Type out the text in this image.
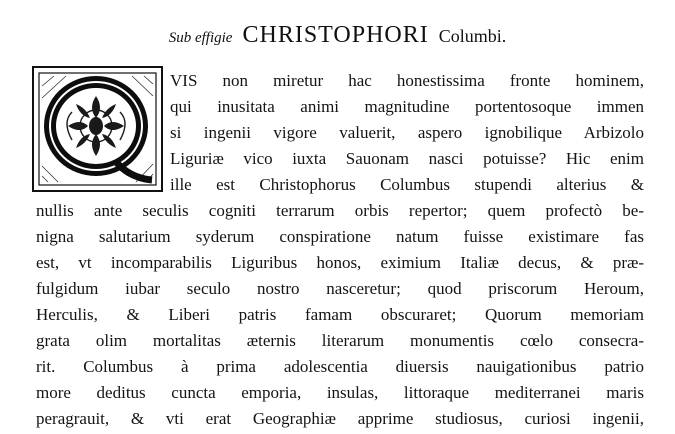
Sub effigie CHRISTOPHORI Columbi.
VIS non miretur hac honestissima fronte hominem,
qui inusitata animi magnitudine portentosoque immen
si ingenii vigore valuerit, aspero ignobilique Arbizolo
Liguriæ vico iuxta Sauonam nasci potuisse? Hic enim
ille est Christophorus Columbus stupendi alterius &
nullis ante seculis cogniti terrarum orbis repertor; quem profectò be-
nigna salutarium syderum conspiratione natum fuisse existimare fas
est, vt incomparabilis Liguribus honos, eximium Italiæ decus, & præ-
fulgidum iubar seculo nostro nasceretur; quod priscorum Heroum,
Herculis, & Liberi patris famam obscuraret; Quorum memoriam
grata olim mortalitas æternis literarum monumentis cœlo consecra-
rit. Columbus à prima adolescentia diuersis nauigationibus patrio
more deditus cuncta emporia, insulas, littoraque mediterranei maris
peragrauit, & vti erat Geographiæ apprime studiosus, curiosi ingenii,
